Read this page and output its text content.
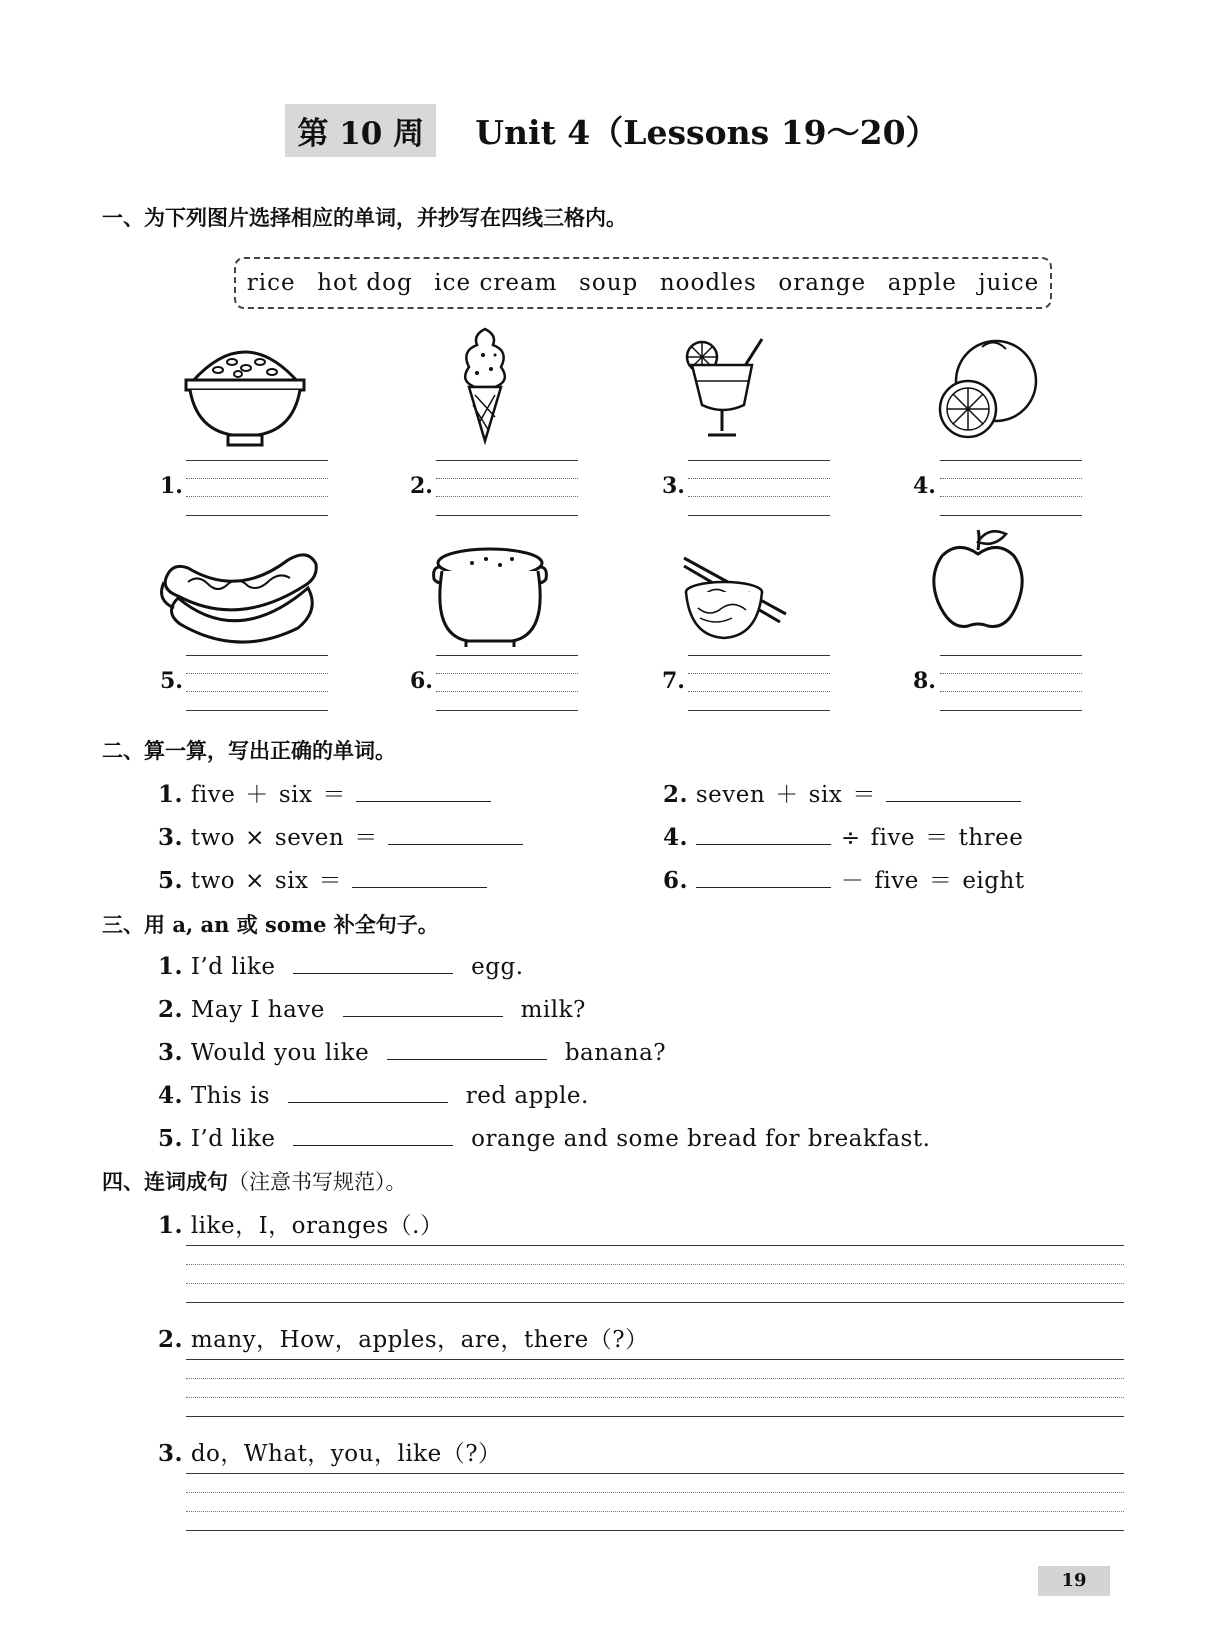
第 10 周 Unit 4（Lessons 19～20）
一、为下列图片选择相应的单词，并抄写在四线三格内。
rice hot dog ice cream soup noodles orange apple juice
1.	2.	3.	4.
5.	6.	7.	8.
二、算一算，写出正确的单词。
1. five ＋ six ＝	2. seven ＋ six ＝
3. two × seven ＝	4.	÷ five ＝ three
5. two × six ＝	6.	－ five ＝ eight
三、用 a, an 或 some 补全句子。
1. I’d like	egg.
2. May I have	milk?
3. Would you like	banana?
4. This is	red apple.
5. I’d like	orange and some bread for breakfast.
四、连词成句（注意书写规范）。
1. like，I，oranges（.）
2. many，How，apples，are，there（?）
3. do，What，you，like（?）
19
